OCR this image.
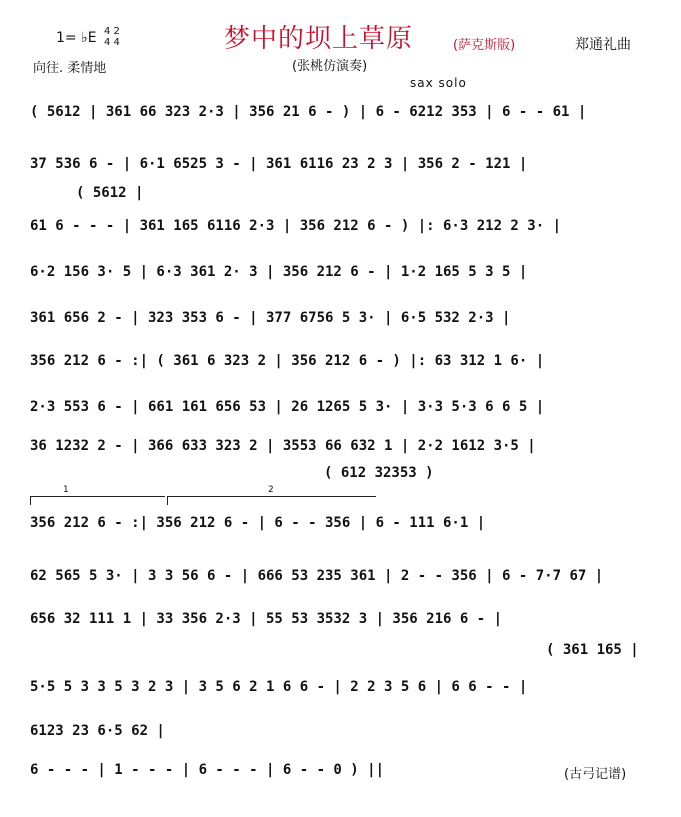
梦中的坝上草原	(萨克斯版)	郑通礼曲
1= ♭E 4 2
4 4
向往. 柔情地	(张桃仿演奏)
sax solo
( 5612 | 361 66 323 2·3 | 356 21 6 - ) | 6 - 6212 353 | 6 - - 61 |
37 536 6 - | 6·1 6525 3 - | 361 6116 23 2 3 | 356 2 - 121 |
( 5612 |
61 6 - - - | 361 165 6116 2·3 | 356 212 6 - ) |: 6·3 212 2 3· |
6·2 156 3· 5 | 6·3 361 2· 3 | 356 212 6 - | 1·2 165 5 3 5 |
361 656 2 - | 323 353 6 - | 377 6756 5 3· | 6·5 532 2·3 |
356 212 6 - :| ( 361 6 323 2 | 356 212 6 - ) |: 63 312 1 6· |
2·3 553 6 - | 661 161 656 53 | 26 1265 5 3· | 3·3 5·3 6 6 5 |
36 1232 2 - | 366 633 323 2 | 3553 66 632 1 | 2·2 1612 3·5 |
( 612 32353 )
1	2
356 212 6 - :| 356 212 6 - | 6 - - 356 | 6 - 111 6·1 |
62 565 5 3· | 3 3 56 6 - | 666 53 235 361 | 2 - - 356 | 6 - 7·7 67 |
656 32 111 1 | 33 356 2·3 | 55 53 3532 3 | 356 216 6 - |
( 361 165 |
5·5 5 3 3 5 3 2 3 | 3 5 6 2 1 6 6 - | 2 2 3 5 6 | 6 6 - - |
6123 23 6·5 62 |
6 - - - | 1 - - - | 6 - - - | 6 - - 0 ) ||	(古弓记谱)
